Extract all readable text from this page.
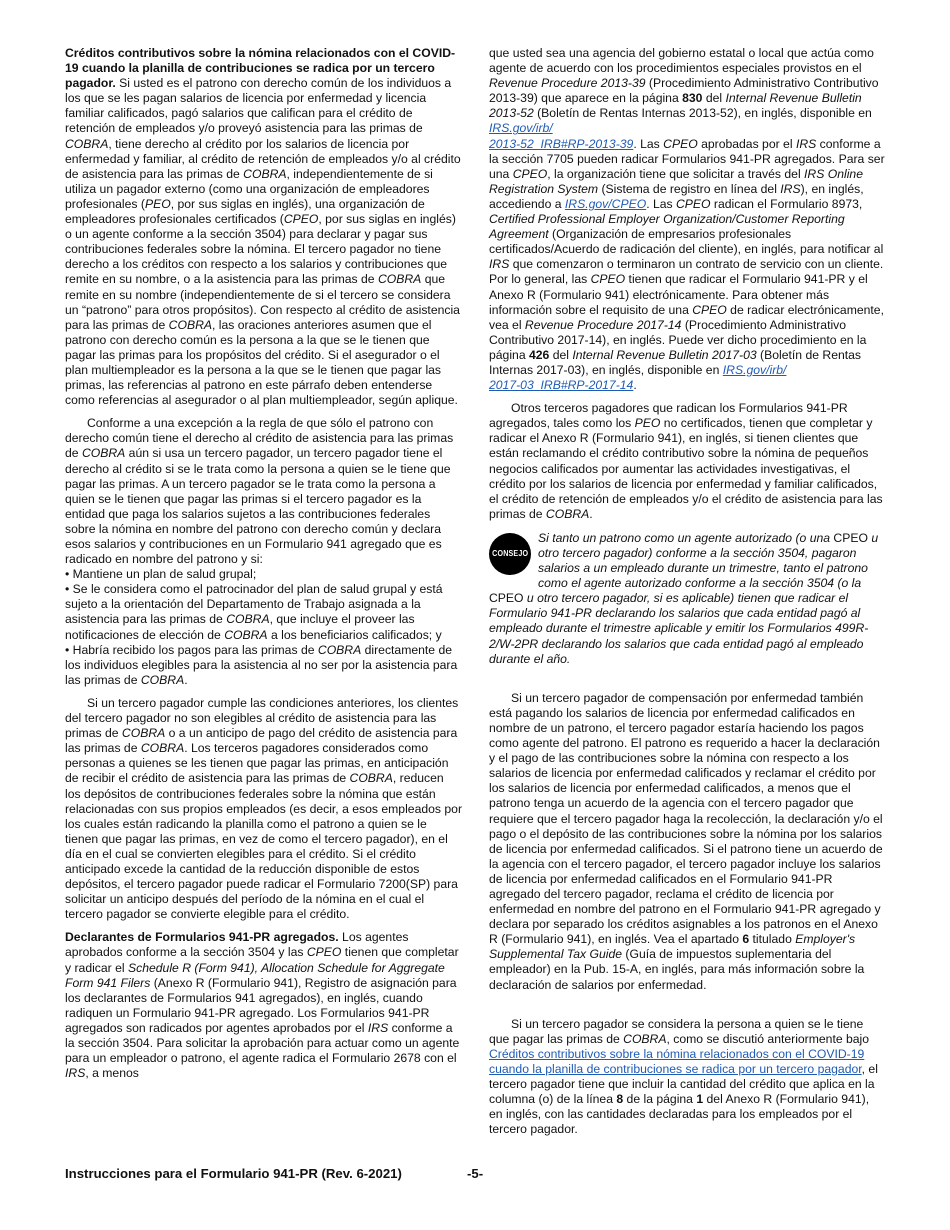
Créditos contributivos sobre la nómina relacionados con el COVID-19 cuando la planilla de contribuciones se radica por un tercero pagador. Si usted es el patrono con derecho común de los individuos a los que se les pagan salarios de licencia por enfermedad y licencia familiar calificados, pagó salarios que califican para el crédito de retención de empleados y/o proveyó asistencia para las primas de COBRA, tiene derecho al crédito por los salarios de licencia por enfermedad y familiar, al crédito de retención de empleados y/o al crédito de asistencia para las primas de COBRA, independientemente de si utiliza un pagador externo (como una organización de empleadores profesionales (PEO, por sus siglas en inglés), una organización de empleadores profesionales certificados (CPEO, por sus siglas en inglés) o un agente conforme a la sección 3504) para declarar y pagar sus contribuciones federales sobre la nómina. El tercero pagador no tiene derecho a los créditos con respecto a los salarios y contribuciones que remite en su nombre, o a la asistencia para las primas de COBRA que remite en su nombre (independientemente de si el tercero se considera un “patrono” para otros propósitos). Con respecto al crédito de asistencia para las primas de COBRA, las oraciones anteriores asumen que el patrono con derecho común es la persona a la que se le tienen que pagar las primas para los propósitos del crédito. Si el asegurador o el plan multiempleador es la persona a la que se le tienen que pagar las primas, las referencias al patrono en este párrafo deben entenderse como referencias al asegurador o al plan multiempleador, según aplique.

Conforme a una excepción a la regla de que sólo el patrono con derecho común tiene el derecho al crédito de asistencia para las primas de COBRA aún si usa un tercero pagador, un tercero pagador tiene el derecho al crédito si se le trata como la persona a quien se le tiene que pagar las primas. A un tercero pagador se le trata como la persona a quien se le tienen que pagar las primas si el tercero pagador es la entidad que paga los salarios sujetos a las contribuciones federales sobre la nómina en nombre del patrono con derecho común y declara esos salarios y contribuciones en un Formulario 941 agregado que es radicado en nombre del patrono y si:

• Mantiene un plan de salud grupal;

• Se le considera como el patrocinador del plan de salud grupal y está sujeto a la orientación del Departamento de Trabajo asignada a la asistencia para las primas de COBRA, que incluye el proveer las notificaciones de elección de COBRA a los beneficiarios calificados; y

• Habría recibido los pagos para las primas de COBRA directamente de los individuos elegibles para la asistencia al no ser por la asistencia para las primas de COBRA.

Si un tercero pagador cumple las condiciones anteriores, los clientes del tercero pagador no son elegibles al crédito de asistencia para las primas de COBRA o a un anticipo de pago del crédito de asistencia para las primas de COBRA. Los terceros pagadores considerados como personas a quienes se les tienen que pagar las primas, en anticipación de recibir el crédito de asistencia para las primas de COBRA, reducen los depósitos de contribuciones federales sobre la nómina que están relacionadas con sus propios empleados (es decir, a esos empleados por los cuales están radicando la planilla como el patrono a quien se le tienen que pagar las primas, en vez de como el tercero pagador), en el día en el cual se convierten elegibles para el crédito. Si el crédito anticipado excede la cantidad de la reducción disponible de estos depósitos, el tercero pagador puede radicar el Formulario 7200(SP) para solicitar un anticipo después del período de la nómina en el cual el tercero pagador se convierte elegible para el crédito.

Declarantes de Formularios 941-PR agregados. Los agentes aprobados conforme a la sección 3504 y las CPEO tienen que completar y radicar el Schedule R (Form 941), Allocation Schedule for Aggregate Form 941 Filers (Anexo R (Formulario 941), Registro de asignación para los declarantes de Formularios 941 agregados), en inglés, cuando radiquen un Formulario 941-PR agregado. Los Formularios 941-PR agregados son radicados por agentes aprobados por el IRS conforme a la sección 3504. Para solicitar la aprobación para actuar como un agente para un empleador o patrono, el agente radica el Formulario 2678 con el IRS, a menos

que usted sea una agencia del gobierno estatal o local que actúa como agente de acuerdo con los procedimientos especiales provistos en el Revenue Procedure 2013-39 (Procedimiento Administrativo Contributivo 2013-39) que aparece en la página 830 del Internal Revenue Bulletin 2013-52 (Boletín de Rentas Internas 2013-52), en inglés, disponible en IRS.gov/irb/
2013-52_IRB#RP-2013-39. Las CPEO aprobadas por el IRS conforme a la sección 7705 pueden radicar Formularios 941-PR agregados. Para ser una CPEO, la organización tiene que solicitar a través del IRS Online Registration System (Sistema de registro en línea del IRS), en inglés, accediendo a IRS.gov/CPEO. Las CPEO radican el Formulario 8973, Certified Professional Employer Organization/Customer Reporting Agreement (Organización de empresarios profesionales certificados/Acuerdo de radicación del cliente), en inglés, para notificar al IRS que comenzaron o terminaron un contrato de servicio con un cliente. Por lo general, las CPEO tienen que radicar el Formulario 941-PR y el Anexo R (Formulario 941) electrónicamente. Para obtener más información sobre el requisito de una CPEO de radicar electrónicamente, vea el Revenue Procedure 2017-14 (Procedimiento Administrativo Contributivo 2017-14), en inglés. Puede ver dicho procedimiento en la página 426 del Internal Revenue Bulletin 2017-03 (Boletín de Rentas Internas 2017-03), en inglés, disponible en IRS.gov/irb/
2017-03_IRB#RP-2017-14.

Otros terceros pagadores que radican los Formularios 941-PR agregados, tales como los PEO no certificados, tienen que completar y radicar el Anexo R (Formulario 941), en inglés, si tienen clientes que están reclamando el crédito contributivo sobre la nómina de pequeños negocios calificados por aumentar las actividades investigativas, el crédito por los salarios de licencia por enfermedad y familiar calificados, el crédito de retención de empleados y/o el crédito de asistencia para las primas de COBRA.

CONSEJO
Si tanto un patrono como un agente autorizado (o una CPEO u otro tercero pagador) conforme a la sección 3504, pagaron salarios a un empleado durante un trimestre, tanto el patrono como el agente autorizado conforme a la sección 3504 (o la CPEO u otro tercero pagador, si es aplicable) tienen que radicar el Formulario 941-PR declarando los salarios que cada entidad pagó al empleado durante el trimestre aplicable y emitir los Formularios 499R-2/W-2PR declarando los salarios que cada entidad pagó al empleado durante el año.

Si un tercero pagador de compensación por enfermedad también está pagando los salarios de licencia por enfermedad calificados en nombre de un patrono, el tercero pagador estaría haciendo los pagos como agente del patrono. El patrono es requerido a hacer la declaración y el pago de las contribuciones sobre la nómina con respecto a los salarios de licencia por enfermedad calificados y reclamar el crédito por los salarios de licencia por enfermedad calificados, a menos que el patrono tenga un acuerdo de la agencia con el tercero pagador que requiere que el tercero pagador haga la recolección, la declaración y/o el pago o el depósito de las contribuciones sobre la nómina por los salarios de licencia por enfermedad calificados. Si el patrono tiene un acuerdo de la agencia con el tercero pagador, el tercero pagador incluye los salarios de licencia por enfermedad calificados en el Formulario 941-PR agregado del tercero pagador, reclama el crédito de licencia por enfermedad en nombre del patrono en el Formulario 941-PR agregado y declara por separado los créditos asignables a los patronos en el Anexo R (Formulario 941), en inglés. Vea el apartado 6 titulado Employer's Supplemental Tax Guide (Guía de impuestos suplementaria del empleador) en la Pub. 15-A, en inglés, para más información sobre la declaración de salarios por enfermedad.

Si un tercero pagador se considera la persona a quien se le tiene que pagar las primas de COBRA, como se discutió anteriormente bajo Créditos contributivos sobre la nómina relacionados con el COVID-19 cuando la planilla de contribuciones se radica por un tercero pagador, el tercero pagador tiene que incluir la cantidad del crédito que aplica en la columna (o) de la línea 8 de la página 1 del Anexo R (Formulario 941), en inglés, con las cantidades declaradas para los empleados por el tercero pagador.

Instrucciones para el Formulario 941-PR (Rev. 6-2021)	-5-
